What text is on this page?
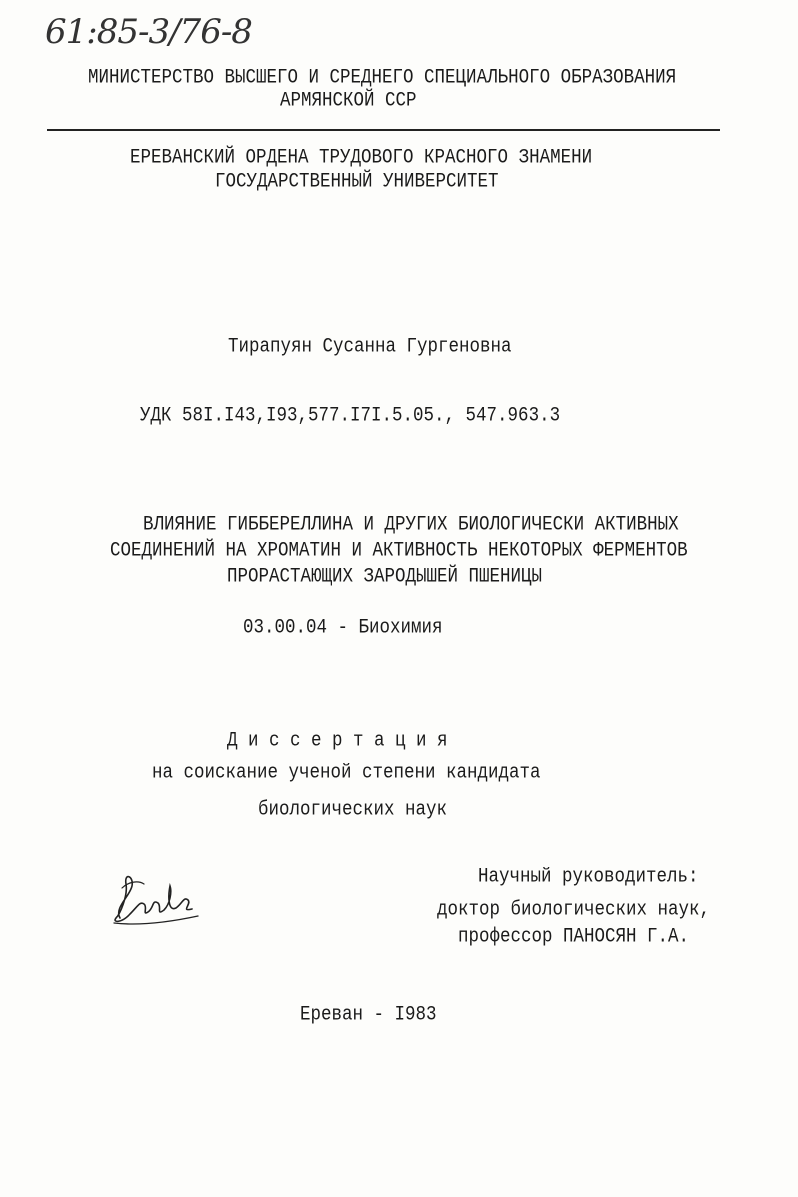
61:85-3/76-8
МИНИСТЕРСТВО ВЫСШЕГО И СРЕДНЕГО СПЕЦИАЛЬНОГО ОБРАЗОВАНИЯ
АРМЯНСКОЙ ССР
ЕРЕВАНСКИЙ ОРДЕНА ТРУДОВОГО КРАСНОГО ЗНАМЕНИ
ГОСУДАРСТВЕННЫЙ УНИВЕРСИТЕТ
Тирапуян Сусанна Гургеновна
УДК 58I.I43,I93,577.I7I.5.05., 547.963.3
ВЛИЯНИЕ ГИББЕРЕЛЛИНА И ДРУГИХ БИОЛОГИЧЕСКИ АКТИВНЫХ
СОЕДИНЕНИЙ НА ХРОМАТИН И АКТИВНОСТЬ НЕКОТОРЫХ ФЕРМЕНТОВ
ПРОРАСТАЮЩИХ ЗАРОДЫШЕЙ ПШЕНИЦЫ
03.00.04 - Биохимия
Д и с с е р т а ц и я
на соискание ученой степени кандидата
биологических наук
Научный руководитель:
доктор биологических наук,
профессор ПАНОСЯН Г.А.
Ереван - I983
